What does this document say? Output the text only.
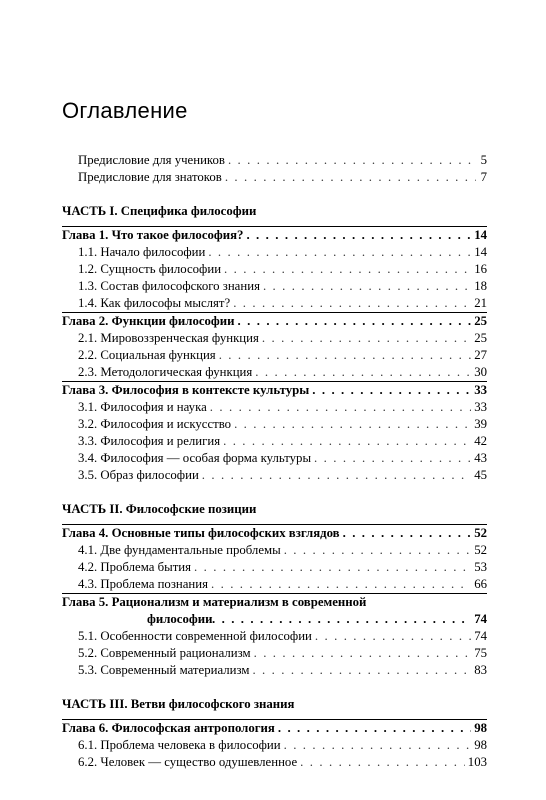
Оглавление
Предисловие для учеников . . .	5
Предисловие для знатоков . . .	7
ЧАСТЬ I. Специфика философии
Глава 1. Что такое философия? . . .	14
1.1. Начало философии . . .	14
1.2. Сущность философии . . .	16
1.3. Состав философского знания . . .	18
1.4. Как философы мыслят? . . .	21
Глава 2. Функции философии . . .	25
2.1. Мировоззренческая функция . . .	25
2.2. Социальная функция . . .	27
2.3. Методологическая функция . . .	30
Глава 3. Философия в контексте культуры . . .	33
3.1. Философия и наука . . .	33
3.2. Философия и искусство . . .	39
3.3. Философия и религия . . .	42
3.4. Философия — особая форма культуры . . .	43
3.5. Образ философии . . .	45
ЧАСТЬ II. Философские позиции
Глава 4. Основные типы философских взглядов . . .	52
4.1. Две фундаментальные проблемы . . .	52
4.2. Проблема бытия . . .	53
4.3. Проблема познания . . .	66
Глава 5. Рационализм и материализм в современной
философии . . .	74
5.1. Особенности современной философии . . .	74
5.2. Современный рационализм . . .	75
5.3. Современный материализм . . .	83
ЧАСТЬ III. Ветви философского знания
Глава 6. Философская антропология . . .	98
6.1. Проблема человека в философии . . .	98
6.2. Человек — существо одушевленное . . .	103
